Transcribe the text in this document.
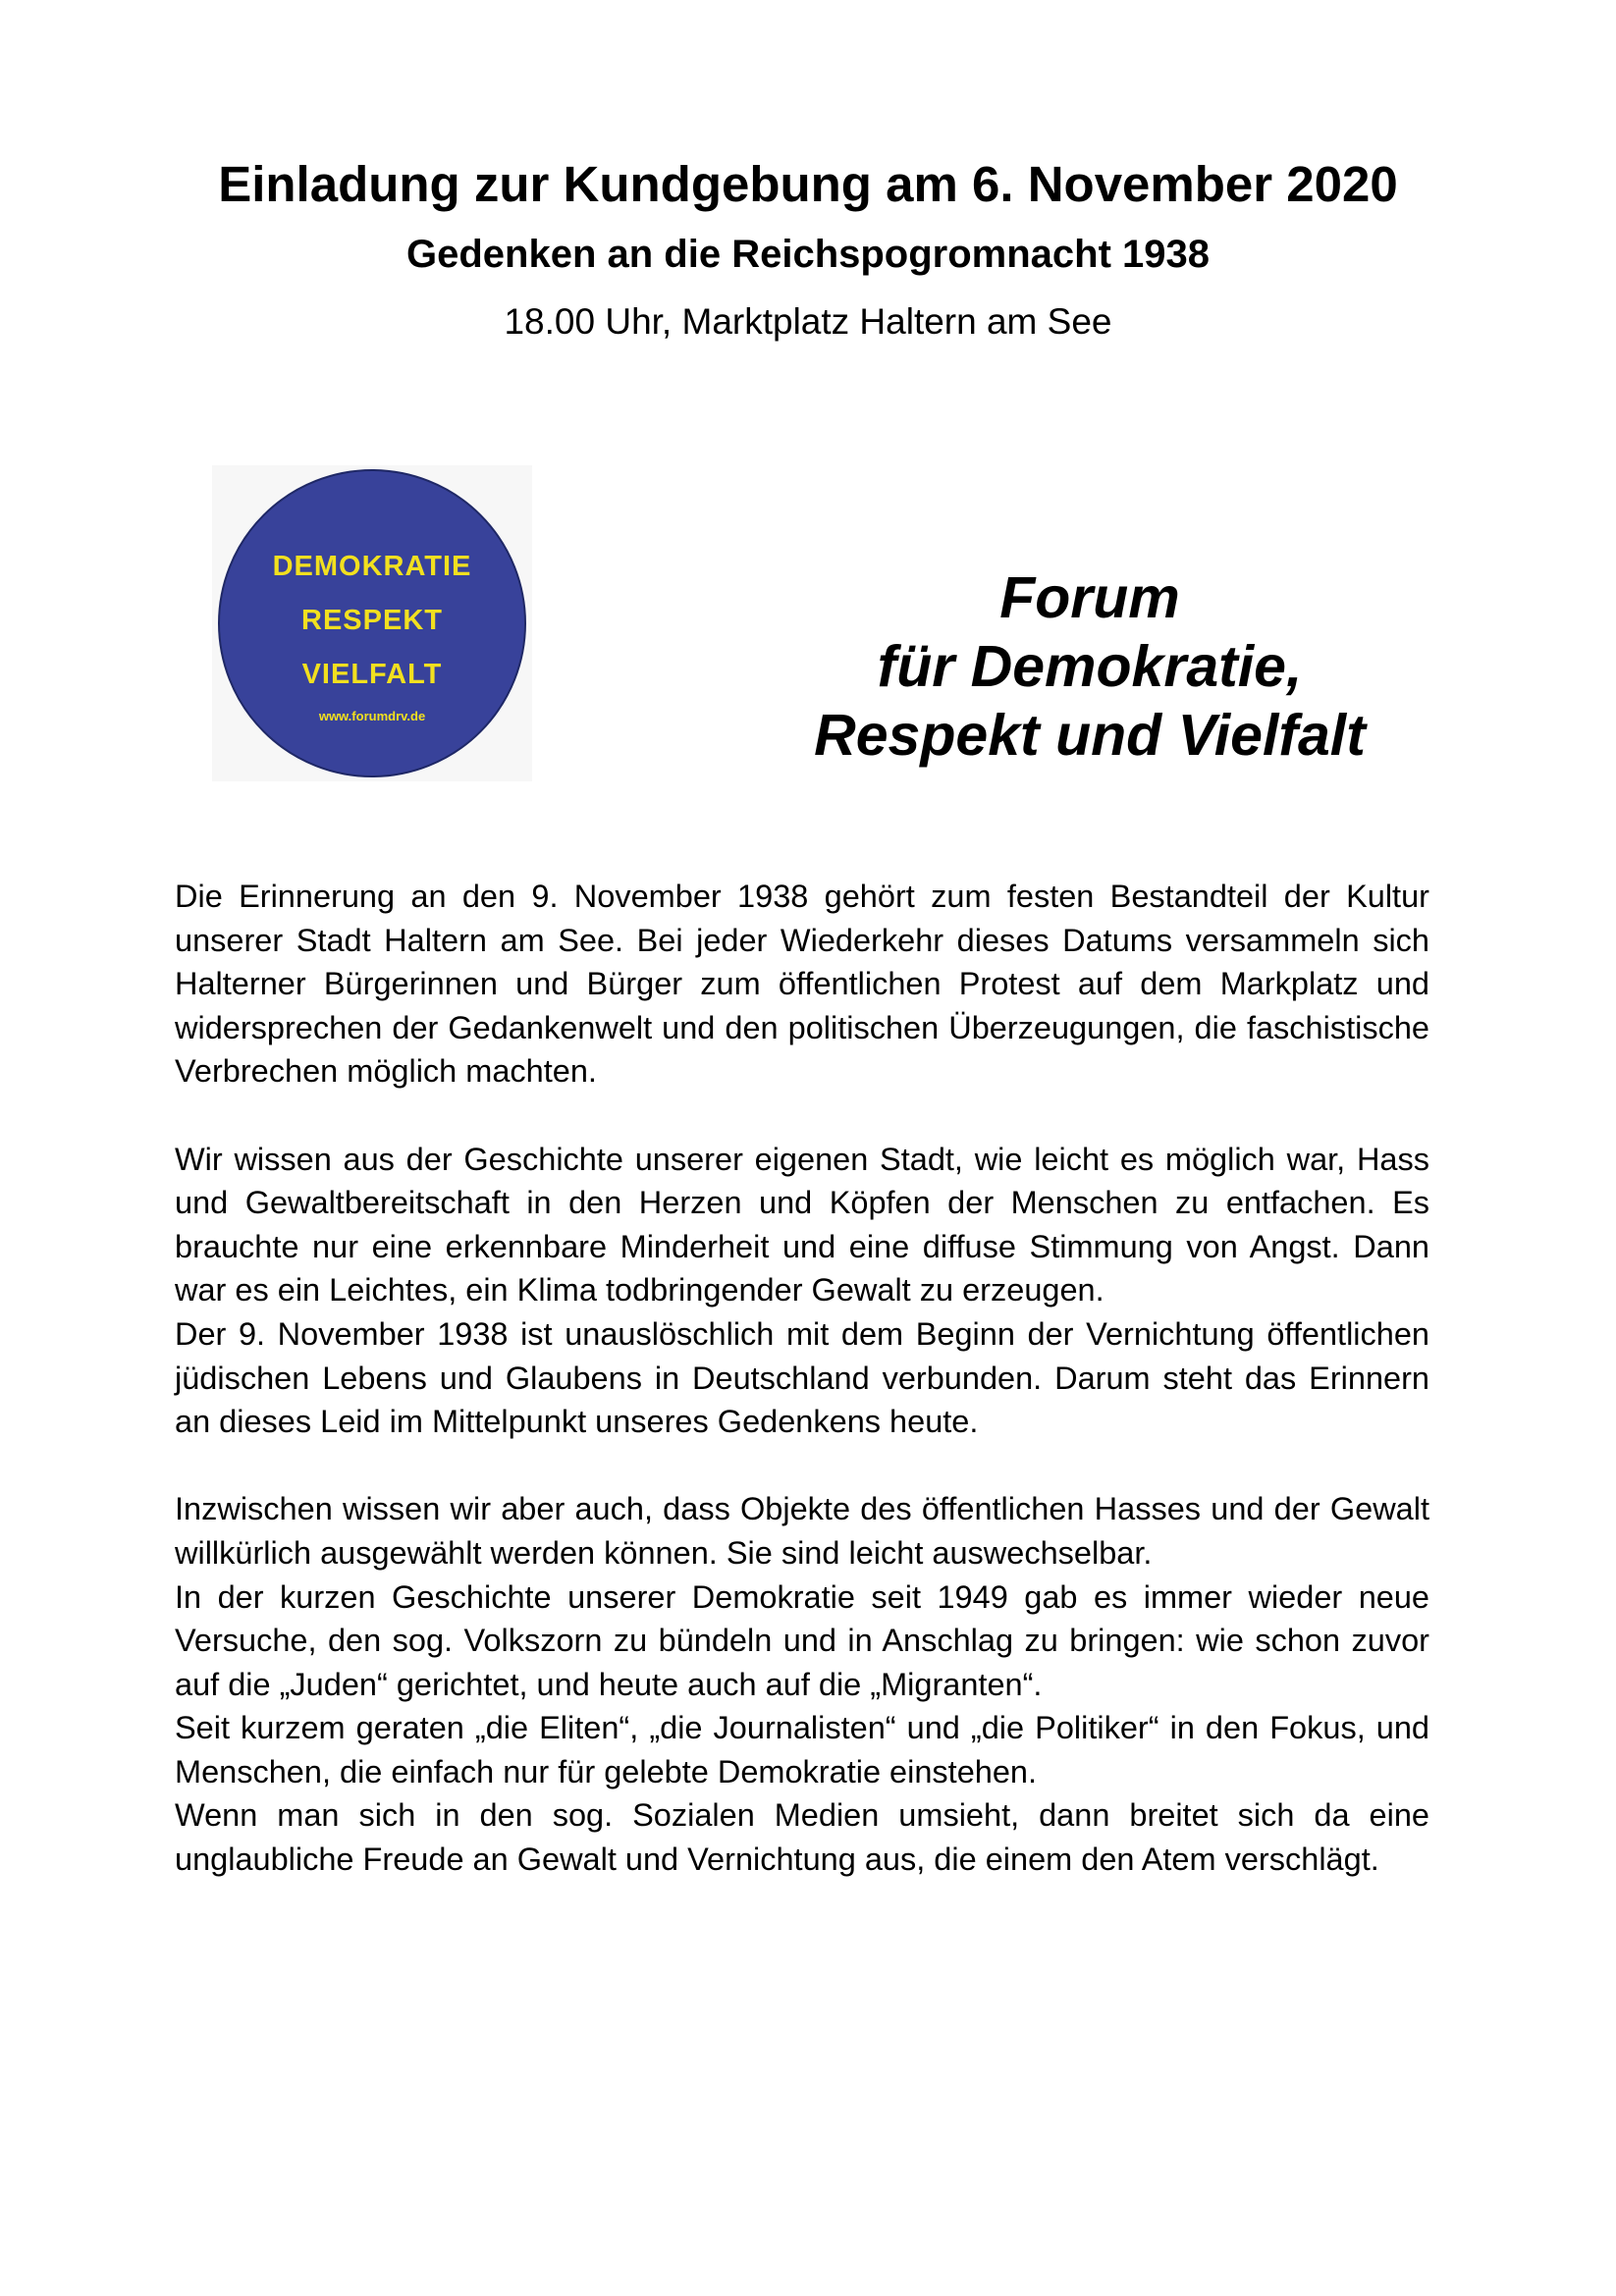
Einladung zur Kundgebung am 6. November 2020
Gedenken an die Reichspogromnacht 1938
18.00 Uhr, Marktplatz Haltern am See
DEMOKRATIE
RESPEKT
VIELFALT
www.forumdrv.de
Forum
für Demokratie,
Respekt und Vielfalt

Die Erinnerung an den 9. November 1938 gehört zum festen Bestandteil der Kultur unserer Stadt Haltern am See. Bei jeder Wiederkehr dieses Datums versammeln sich Halterner Bürgerinnen und Bürger zum öffentlichen Protest auf dem Markplatz und widersprechen der Gedankenwelt und den politischen Überzeugungen, die faschistische Verbrechen möglich machten.

Wir wissen aus der Geschichte unserer eigenen Stadt, wie leicht es möglich war, Hass und Gewaltbereitschaft in den Herzen und Köpfen der Menschen zu entfachen. Es brauchte nur eine erkennbare Minderheit und eine diffuse Stimmung von Angst. Dann war es ein Leichtes, ein Klima todbringender Gewalt zu erzeugen.

Der 9. November 1938 ist unauslöschlich mit dem Beginn der Vernichtung öffentlichen jüdischen Lebens und Glaubens in Deutschland verbunden. Darum steht das Erinnern an dieses Leid im Mittelpunkt unseres Gedenkens heute.

Inzwischen wissen wir aber auch, dass Objekte des öffentlichen Hasses und der Gewalt willkürlich ausgewählt werden können. Sie sind leicht auswechselbar.

In der kurzen Geschichte unserer Demokratie seit 1949 gab es immer wieder neue Versuche, den sog. Volkszorn zu bündeln und in Anschlag zu bringen: wie schon zuvor auf die „Juden“ gerichtet, und heute auch auf die „Migranten“.

Seit kurzem geraten „die Eliten“, „die Journalisten“ und „die Politiker“ in den Fokus, und Menschen, die einfach nur für gelebte Demokratie einstehen.

Wenn man sich in den sog. Sozialen Medien umsieht, dann breitet sich da eine unglaubliche Freude an Gewalt und Vernichtung aus, die einem den Atem verschlägt.
